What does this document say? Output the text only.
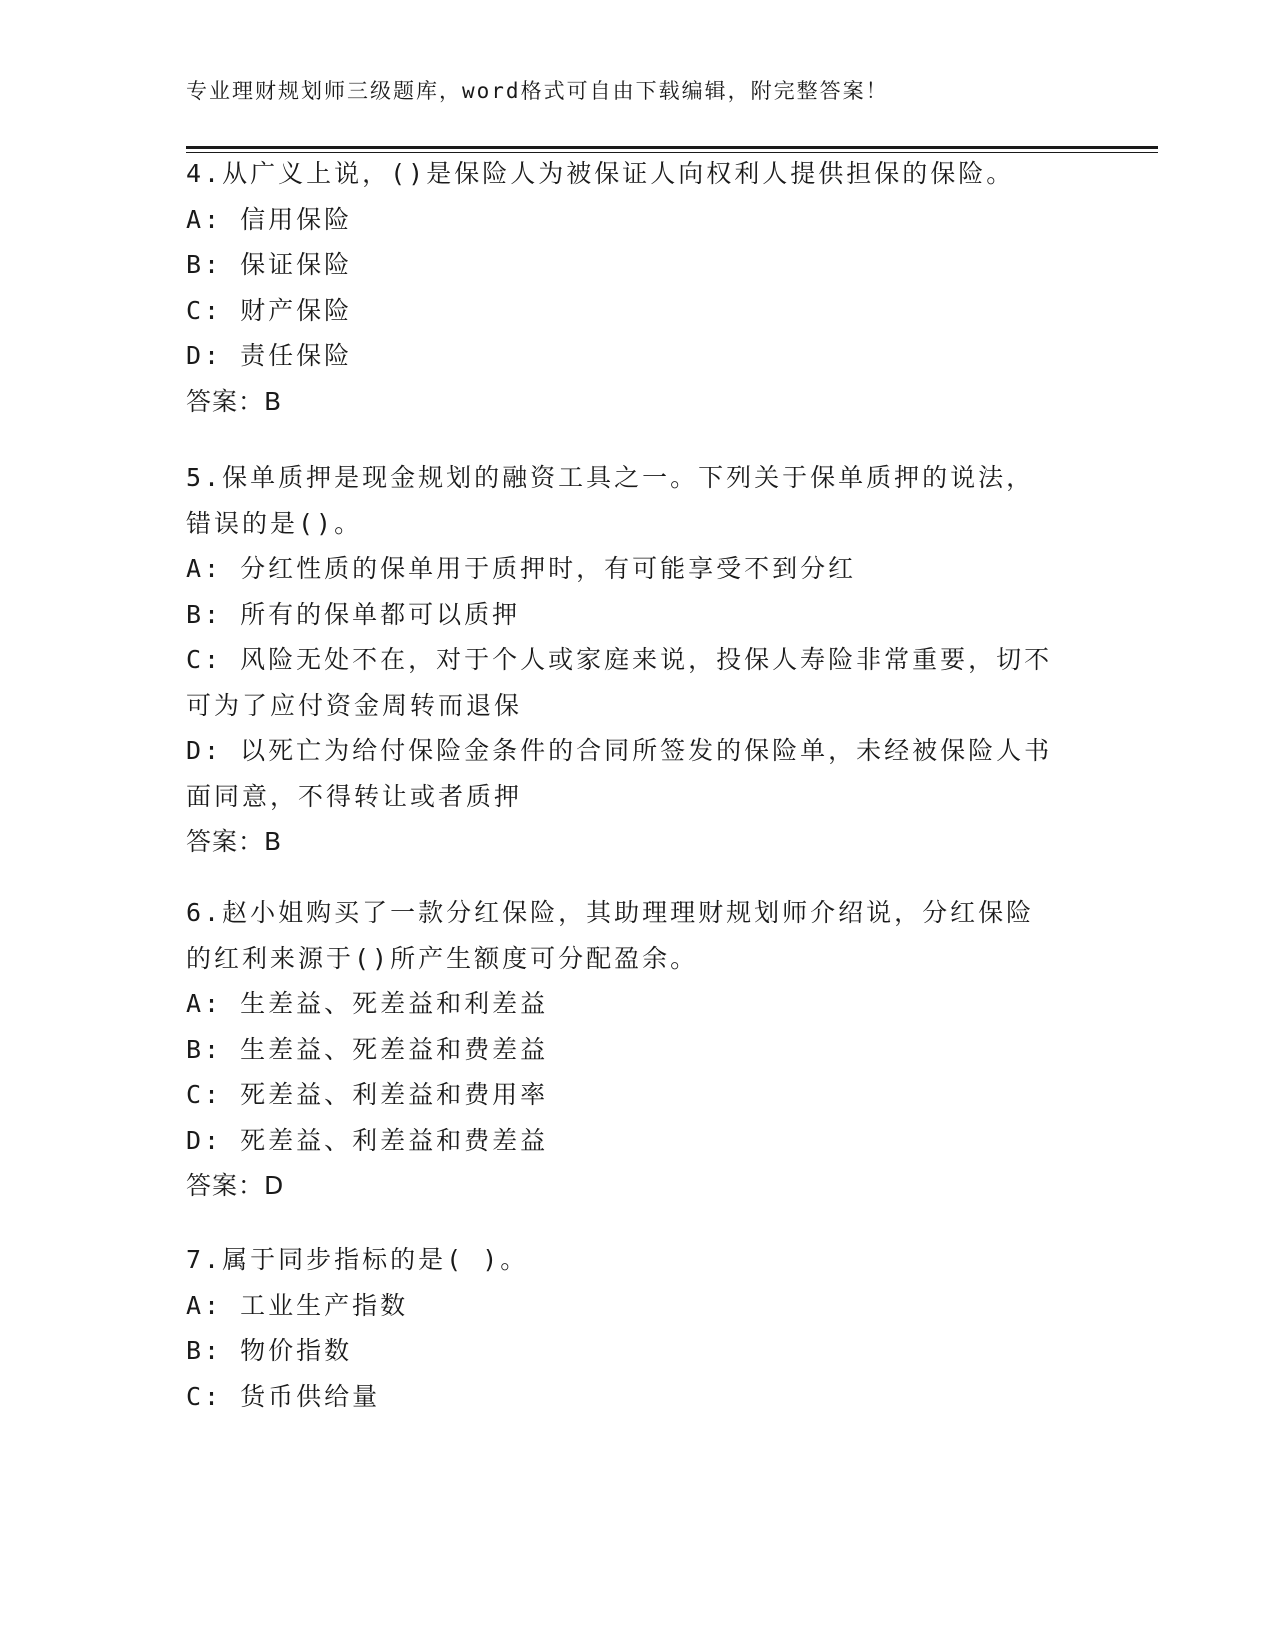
专业理财规划师三级题库，word格式可自由下载编辑，附完整答案！
4.从广义上说，()是保险人为被保证人向权利人提供担保的保险。
A: 信用保险
B: 保证保险
C: 财产保险
D: 责任保险
答案：B
5.保单质押是现金规划的融资工具之一。下列关于保单质押的说法，
错误的是()。
A: 分红性质的保单用于质押时，有可能享受不到分红
B: 所有的保单都可以质押
C: 风险无处不在，对于个人或家庭来说，投保人寿险非常重要，切不
可为了应付资金周转而退保
D: 以死亡为给付保险金条件的合同所签发的保险单，未经被保险人书
面同意，不得转让或者质押
答案：B
6.赵小姐购买了一款分红保险，其助理理财规划师介绍说，分红保险
的红利来源于()所产生额度可分配盈余。
A: 生差益、死差益和利差益
B: 生差益、死差益和费差益
C: 死差益、利差益和费用率
D: 死差益、利差益和费差益
答案：D
7.属于同步指标的是( )。
A: 工业生产指数
B: 物价指数
C: 货币供给量
